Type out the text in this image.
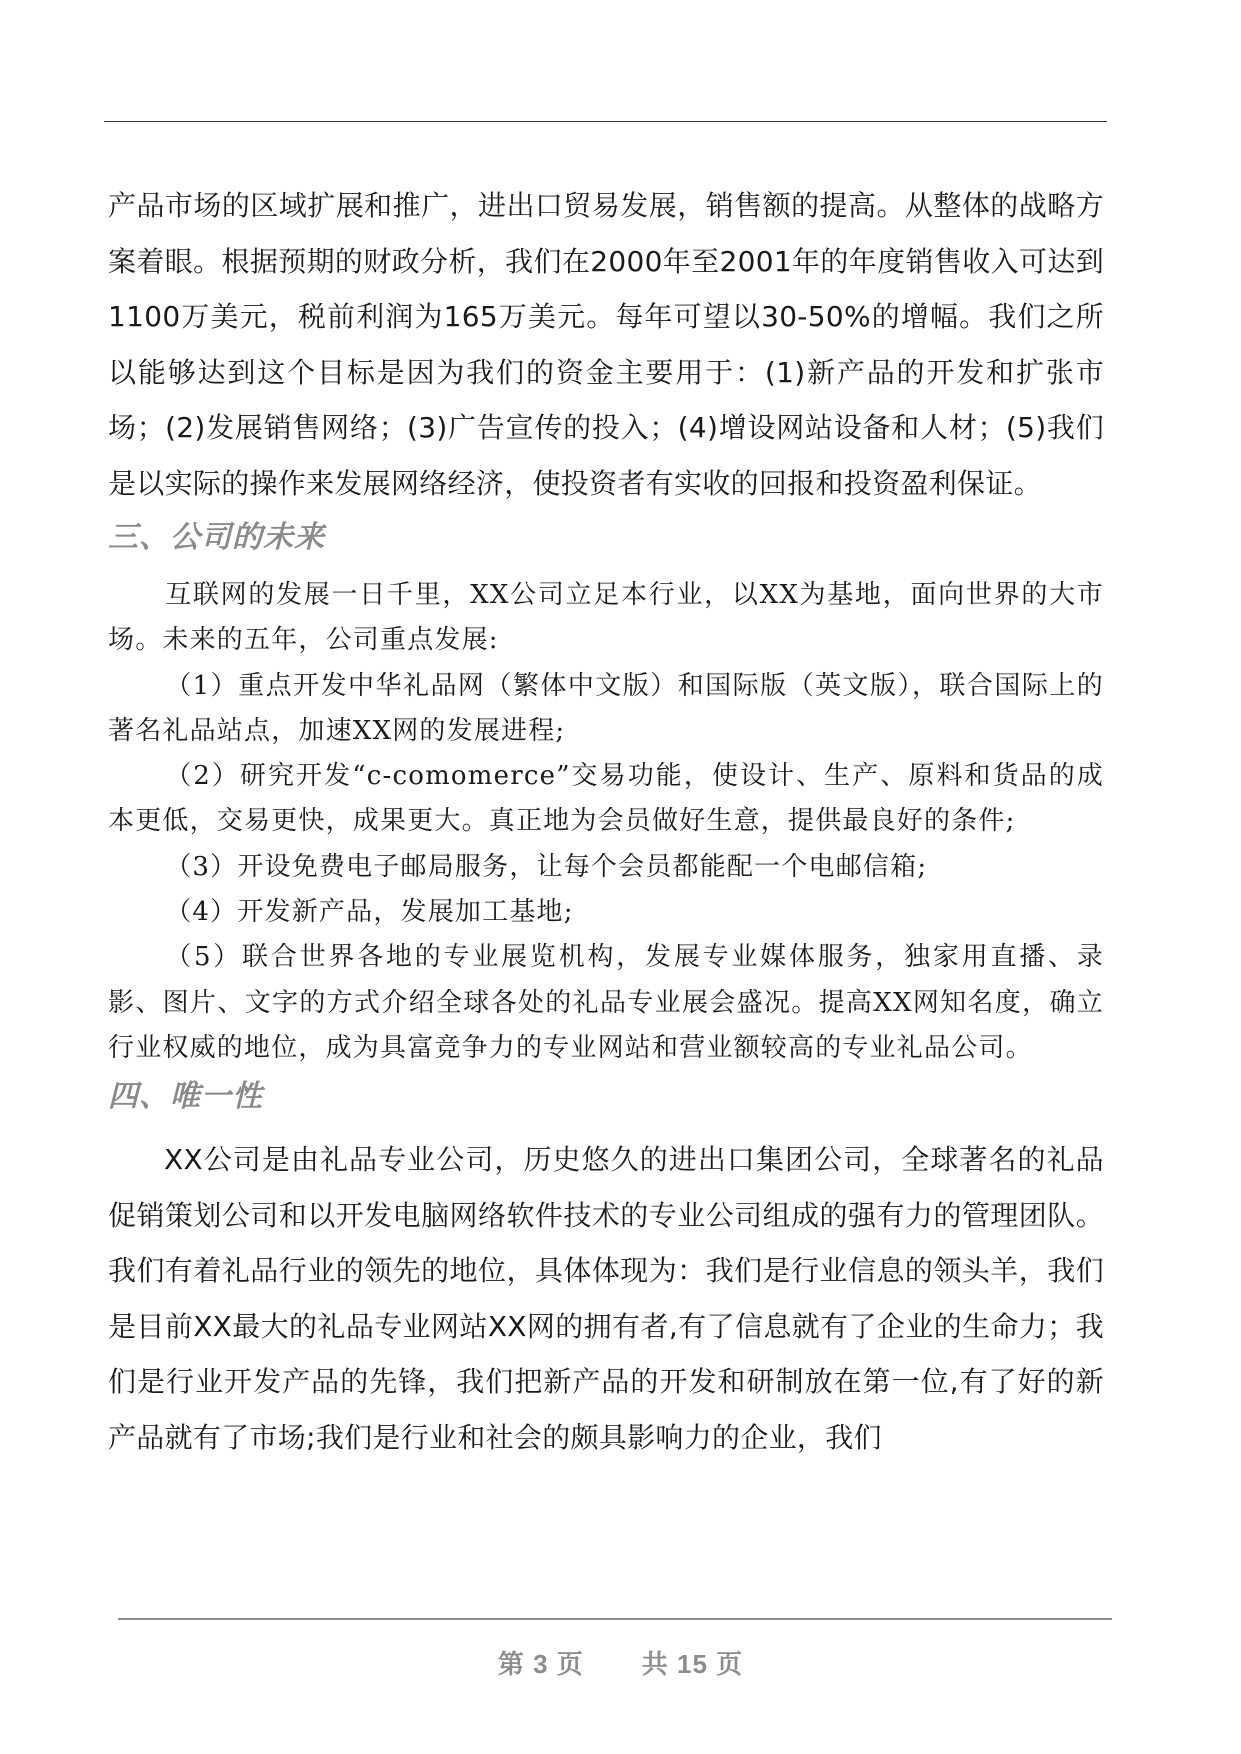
产品市场的区域扩展和推广，进出口贸易发展，销售额的提高。从整体的战略方案着眼。根据预期的财政分析，我们在2000年至2001年的年度销售收入可达到1100万美元，税前利润为165万美元。每年可望以30-50%的增幅。我们之所以能够达到这个目标是因为我们的资金主要用于：(1)新产品的开发和扩张市场；(2)发展销售网络；(3)广告宣传的投入；(4)增设网站设备和人材；(5)我们是以实际的操作来发展网络经济，使投资者有实收的回报和投资盈利保证。

三、公司的未来

互联网的发展一日千里，XX公司立足本行业，以XX为基地，面向世界的大市场。未来的五年，公司重点发展:

（1）重点开发中华礼品网（繁体中文版）和国际版（英文版），联合国际上的著名礼品站点，加速XX网的发展进程;

（2）研究开发“c-comomerce”交易功能，使设计、生产、原料和货品的成本更低，交易更快，成果更大。真正地为会员做好生意，提供最良好的条件;

（3）开设免费电子邮局服务，让每个会员都能配一个电邮信箱;

（4）开发新产品，发展加工基地;

（5）联合世界各地的专业展览机构，发展专业媒体服务，独家用直播、录影、图片、文字的方式介绍全球各处的礼品专业展会盛况。提高XX网知名度，确立行业权威的地位，成为具富竞争力的专业网站和营业额较高的专业礼品公司。

四、唯一性

XX公司是由礼品专业公司，历史悠久的进出口集团公司，全球著名的礼品促销策划公司和以开发电脑网络软件技术的专业公司组成的强有力的管理团队。我们有着礼品行业的领先的地位，具体体现为：我们是行业信息的领头羊，我们是目前XX最大的礼品专业网站XX网的拥有者,有了信息就有了企业的生命力；我们是行业开发产品的先锋，我们把新产品的开发和研制放在第一位,有了好的新产品就有了市场;我们是行业和社会的颇具影响力的企业，我们

第 3 页 共 15 页
